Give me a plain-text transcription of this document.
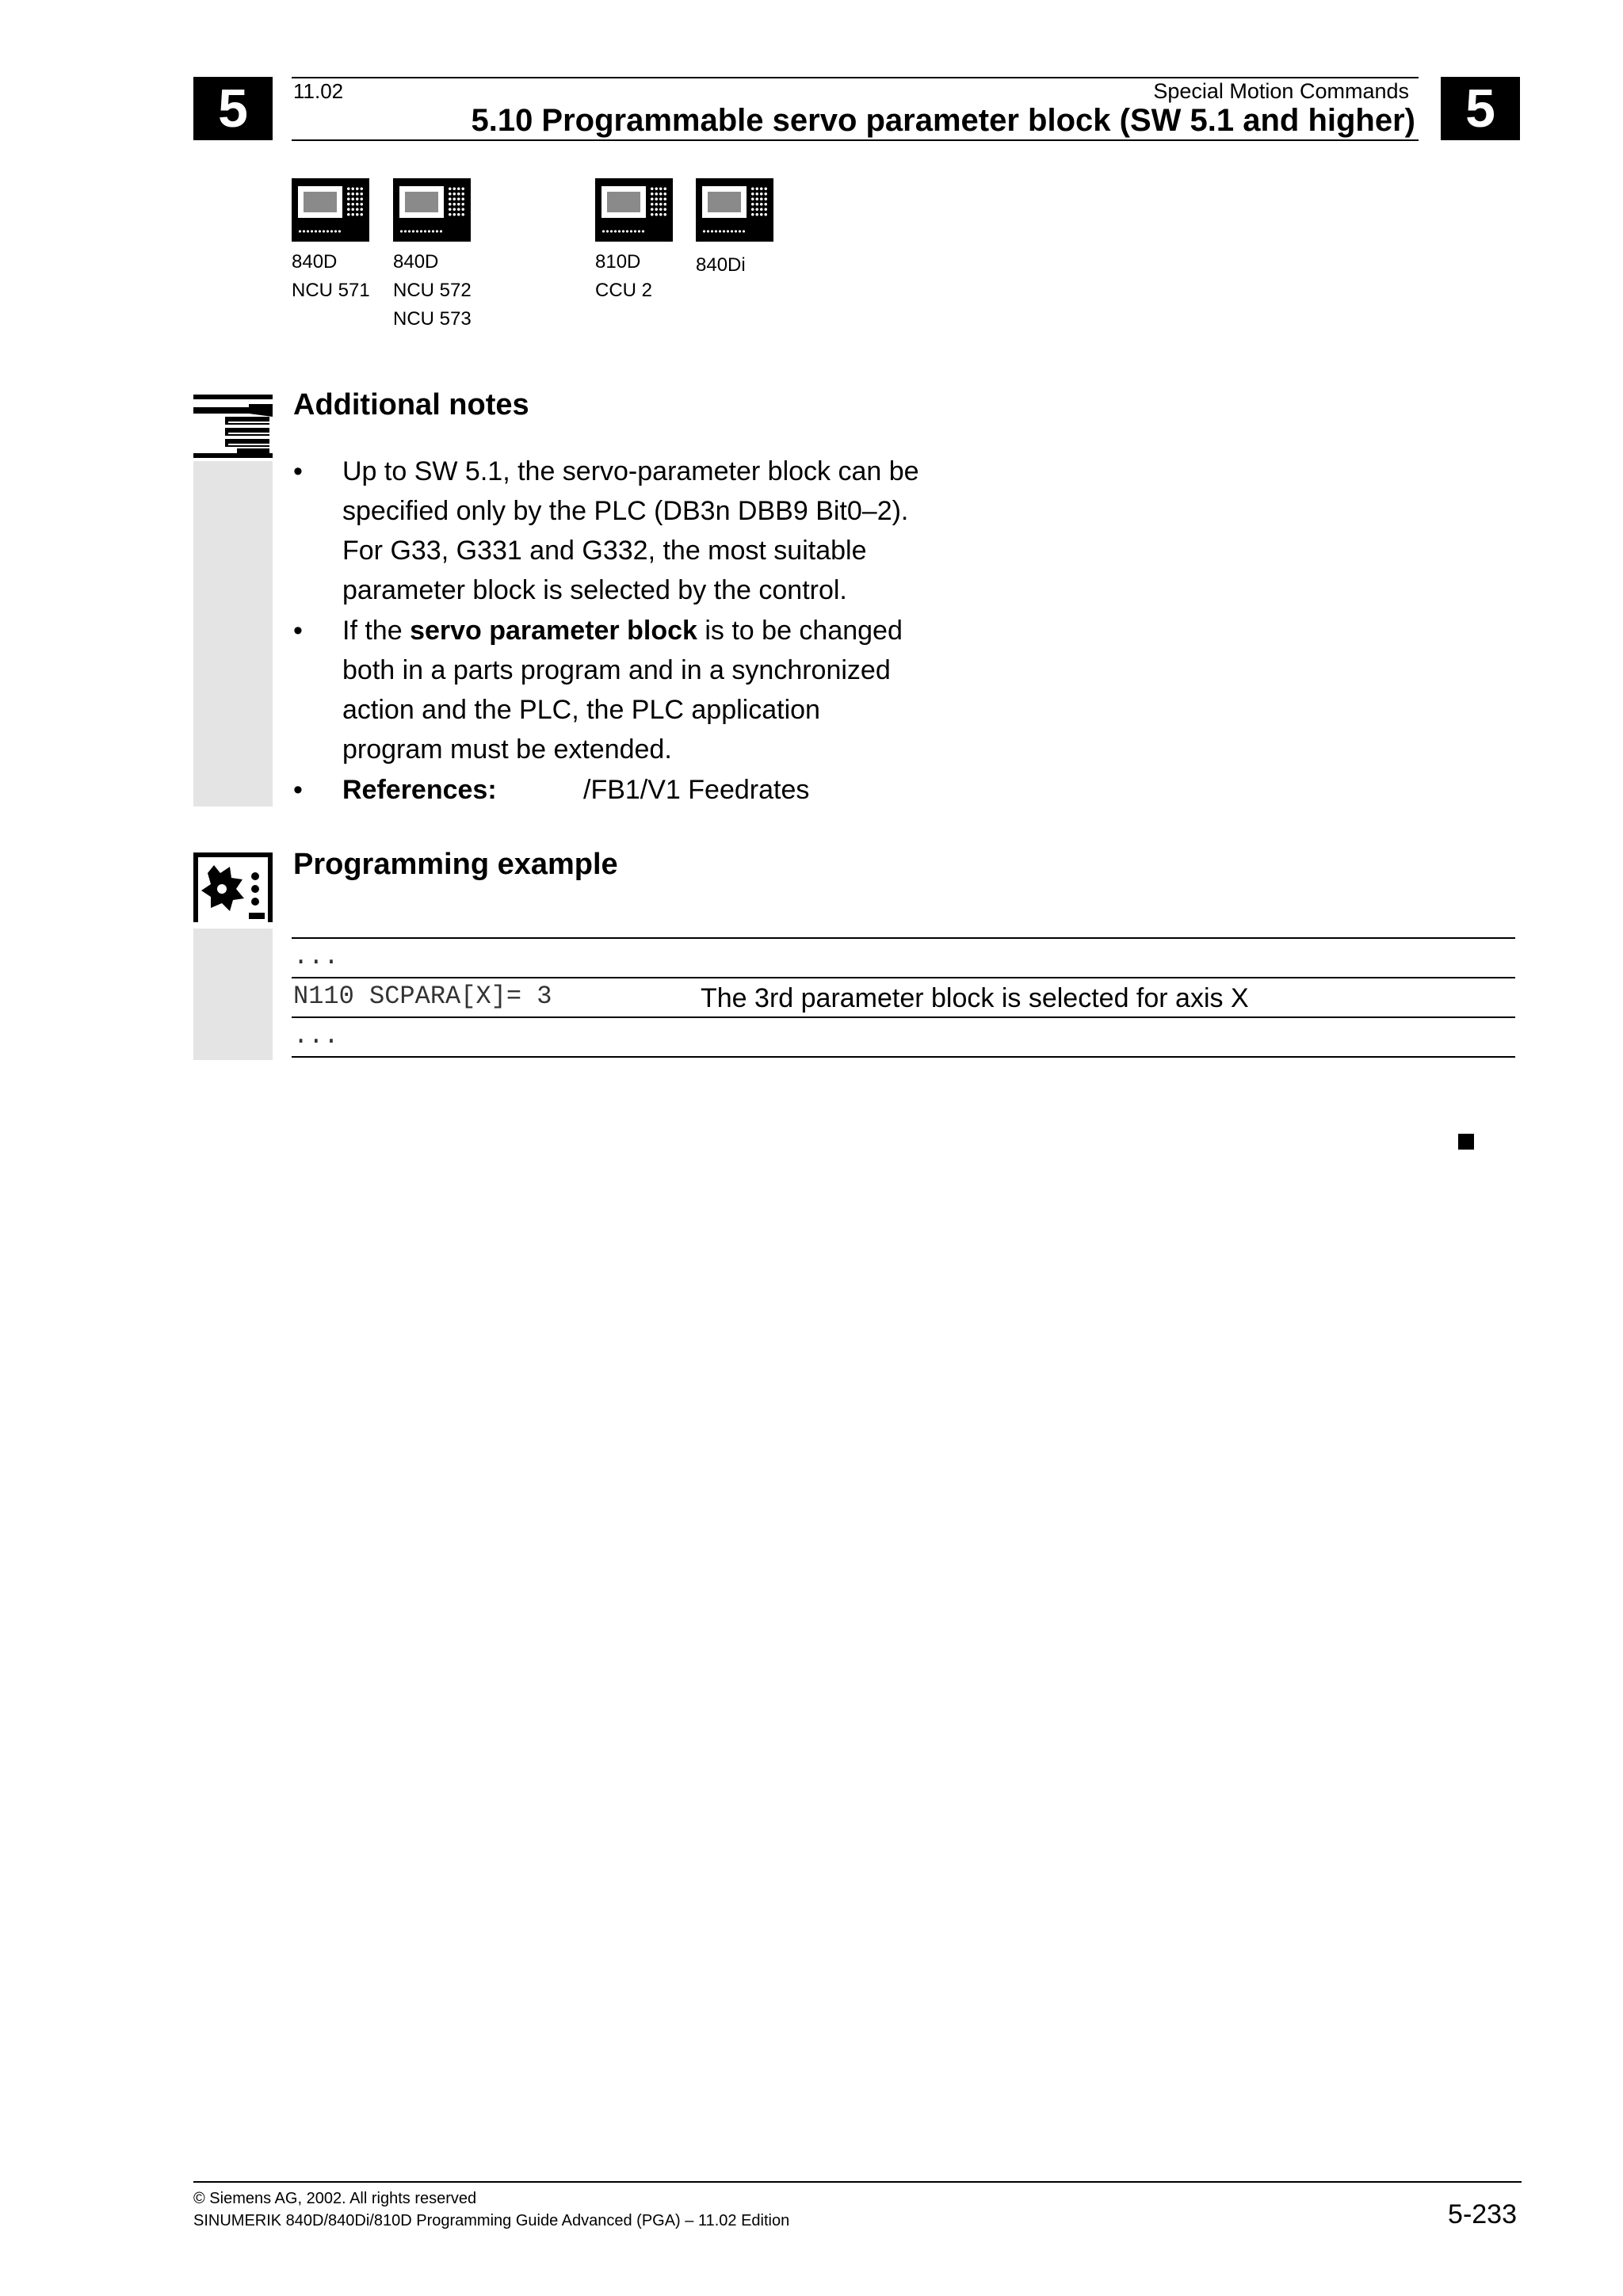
5	5
11.02	Special Motion Commands
5.10 Programmable servo parameter block (SW 5.1 and higher)
840D
NCU 571
840D
NCU 572
NCU 573
810D
CCU 2
840Di
Additional notes
• Up to SW 5.1, the servo-parameter block can be
specified only by the PLC (DB3n DBB9 Bit0–2).
For G33, G331 and G332, the most suitable
parameter block is selected by the control.
• If the servo parameter block is to be changed
both in a parts program and in a synchronized
action and the PLC, the PLC application
program must be extended.
• References:	/FB1/V1 Feedrates
Programming example
...
N110 SCPARA[X]= 3	The 3rd parameter block is selected for axis X
...
© Siemens AG, 2002. All rights reserved
SINUMERIK 840D/840Di/810D Programming Guide Advanced (PGA) – 11.02 Edition	5-233
